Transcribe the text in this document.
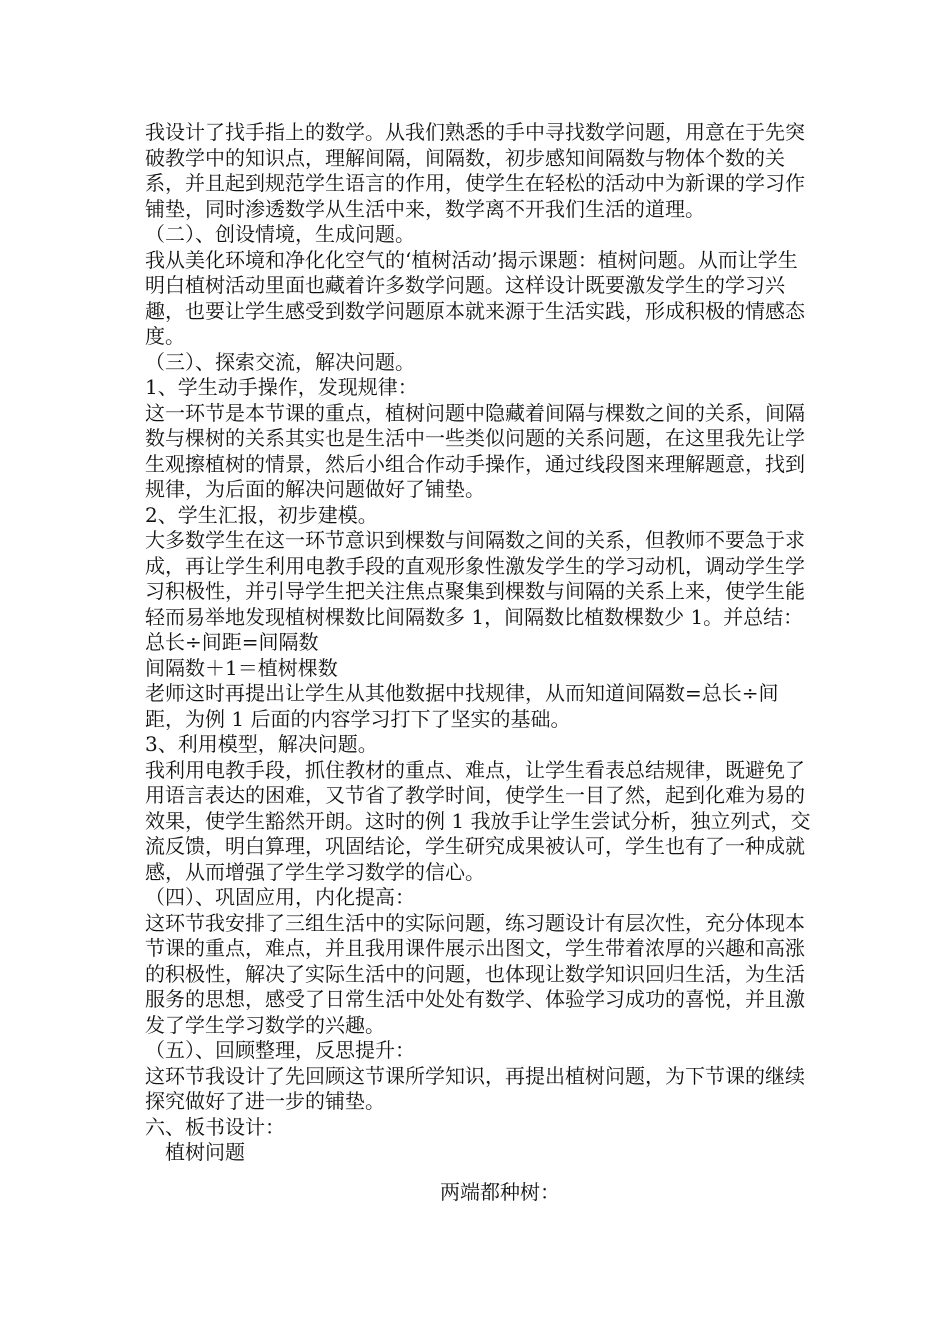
我设计了找手指上的数学。从我们熟悉的手中寻找数学问题，用意在于先突破教学中的知识点，理解间隔，间隔数，初步感知间隔数与物体个数的关系，并且起到规范学生语言的作用，使学生在轻松的活动中为新课的学习作铺垫，同时渗透数学从生活中来，数学离不开我们生活的道理。

（二）、创设情境，生成问题。

我从美化环境和净化化空气的‘植树活动’揭示课题：植树问题。从而让学生明白植树活动里面也藏着许多数学问题。这样设计既要激发学生的学习兴趣，也要让学生感受到数学问题原本就来源于生活实践，形成积极的情感态度。

（三）、探索交流，解决问题。

1、学生动手操作，发现规律：

这一环节是本节课的重点，植树问题中隐藏着间隔与棵数之间的关系，间隔数与棵树的关系其实也是生活中一些类似问题的关系问题，在这里我先让学生观擦植树的情景，然后小组合作动手操作，通过线段图来理解题意，找到规律，为后面的解决问题做好了铺垫。

2、学生汇报，初步建模。

大多数学生在这一环节意识到棵数与间隔数之间的关系，但教师不要急于求成，再让学生利用电教手段的直观形象性激发学生的学习动机，调动学生学习积极性，并引导学生把关注焦点聚集到棵数与间隔的关系上来，使学生能轻而易举地发现植树棵数比间隔数多 1，间隔数比植数棵数少 1。并总结：

总长÷间距=间隔数

间隔数＋1＝植树棵数

老师这时再提出让学生从其他数据中找规律，从而知道间隔数=总长÷间距，为例 1 后面的内容学习打下了坚实的基础。

3、利用模型，解决问题。

我利用电教手段，抓住教材的重点、难点，让学生看表总结规律，既避免了用语言表达的困难，又节省了教学时间，使学生一目了然，起到化难为易的效果，使学生豁然开朗。这时的例 1 我放手让学生尝试分析，独立列式，交流反馈，明白算理，巩固结论，学生研究成果被认可，学生也有了一种成就感，从而增强了学生学习数学的信心。

（四）、巩固应用，内化提高：

这环节我安排了三组生活中的实际问题，练习题设计有层次性，充分体现本节课的重点，难点，并且我用课件展示出图文，学生带着浓厚的兴趣和高涨的积极性，解决了实际生活中的问题，也体现让数学知识回归生活，为生活服务的思想，感受了日常生活中处处有数学、体验学习成功的喜悦，并且激发了学生学习数学的兴趣。

（五）、回顾整理，反思提升：

这环节我设计了先回顾这节课所学知识，再提出植树问题，为下节课的继续探究做好了进一步的铺垫。

六、板书设计：

植树问题

两端都种树：
